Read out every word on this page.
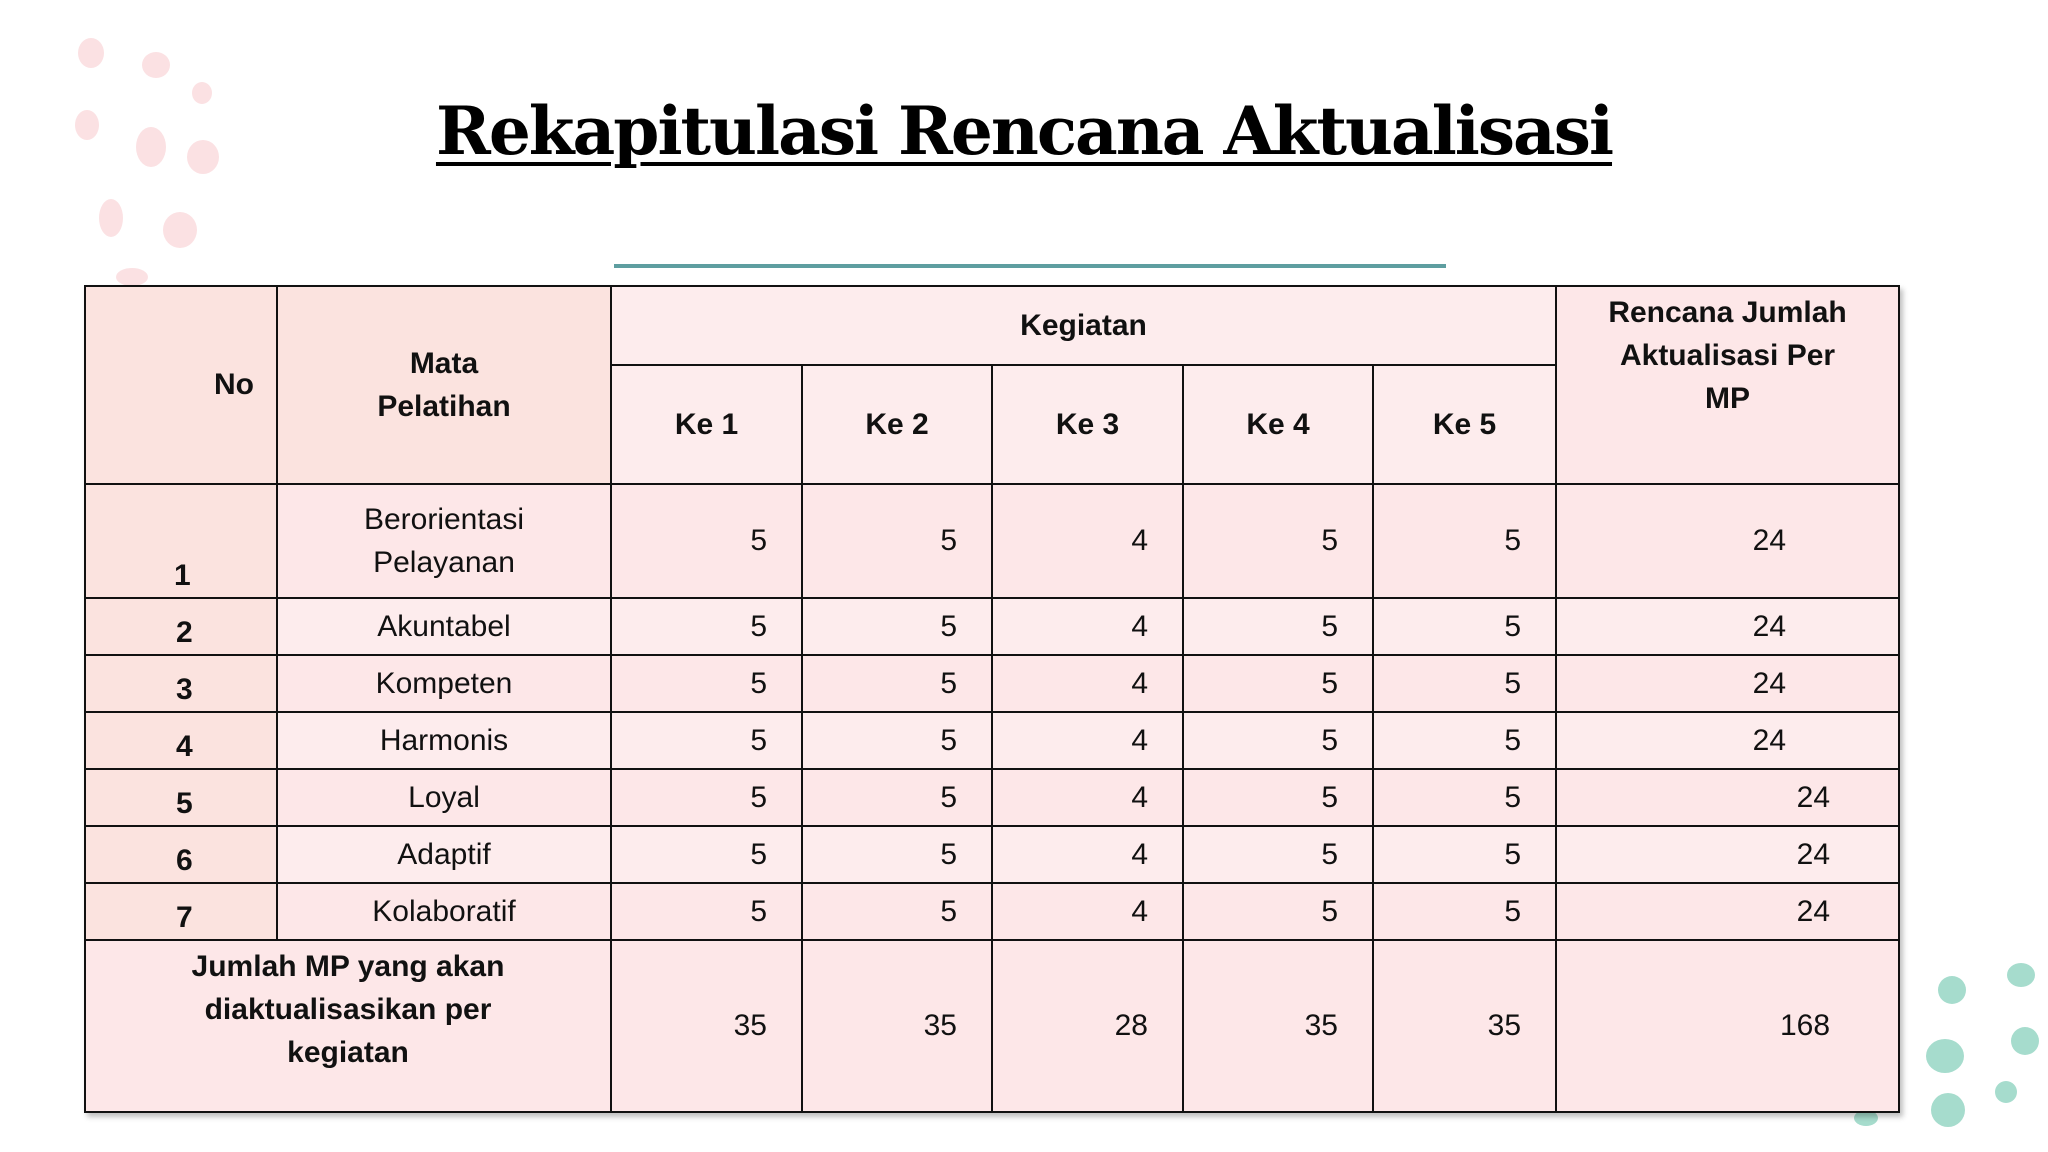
Rekapitulasi Rencana Aktualisasi
No	Mata Pelatihan	Kegiatan					Rencana Jumlah Aktualisasi Per MP

		Ke 1	Ke 2	Ke 3	Ke 4	Ke 5	
1	Berorientasi Pelayanan	5	5	4	5	5	24
2	Akuntabel	5	5	4	5	5	24
3	Kompeten	5	5	4	5	5	24
4	Harmonis	5	5	4	5	5	24
5	Loyal	5	5	4	5	5	24
6	Adaptif	5	5	4	5	5	24
7	Kolaboratif	5	5	4	5	5	24

Jumlah MP yang akan diaktualisasikan per kegiatan		35	35	28	35	35	168
